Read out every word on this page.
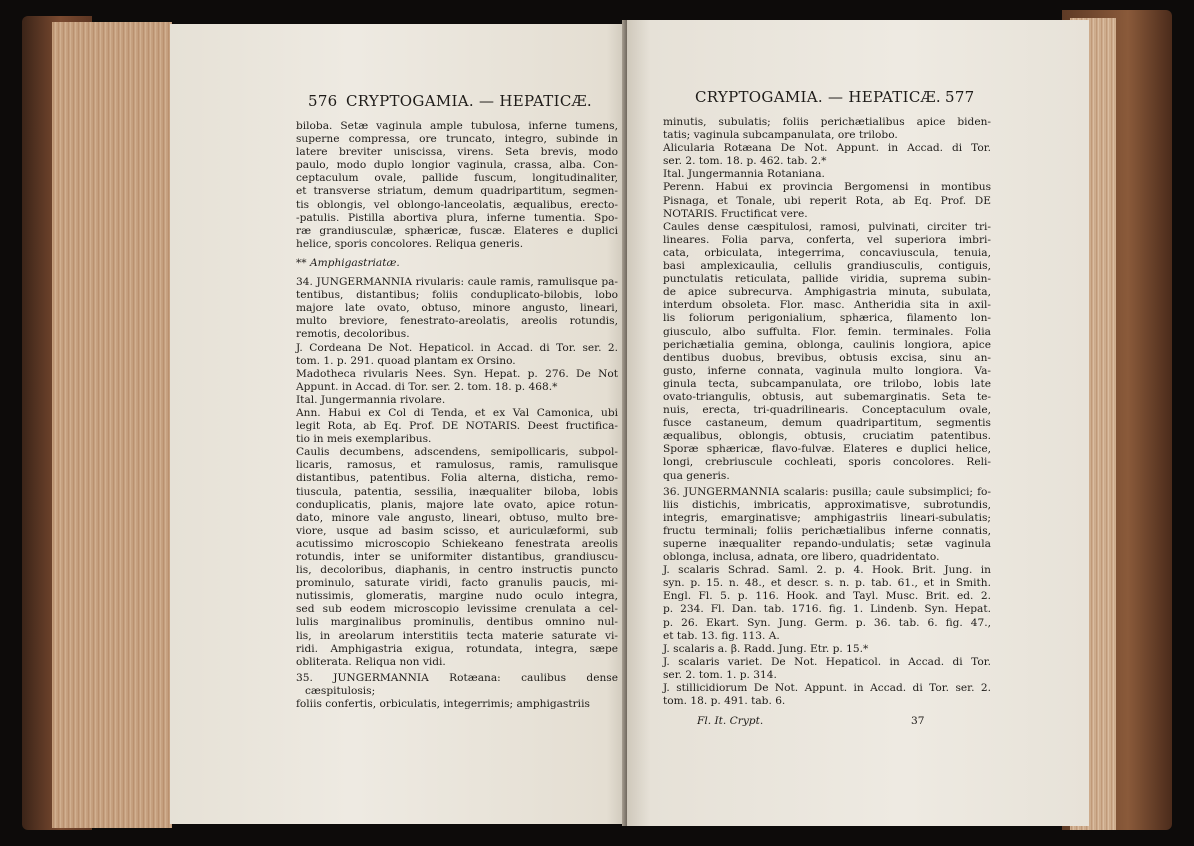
576 CRYPTOGAMIA. — HEPATICÆ.

biloba. Setæ vaginula ample tubulosa, inferne tumens,

superne compressa, ore truncato, integro, subinde in

latere breviter uniscissa, virens. Seta brevis, modo

paulo, modo duplo longior vaginula, crassa, alba. Con-

ceptaculum ovale, pallide fuscum, longitudinaliter,

et transverse striatum, demum quadripartitum, segmen-

tis oblongis, vel oblongo-lanceolatis, æqualibus, erecto-

-patulis. Pistilla abortiva plura, inferne tumentia. Spo-

ræ grandiusculæ, sphæricæ, fuscæ. Elateres e duplici

helice, sporis concolores. Reliqua generis.

** Amphigastriatæ.

34. JUNGERMANNIA rivularis: caule ramis, ramulisque pa-

tentibus, distantibus; foliis conduplicato-bilobis, lobo

majore late ovato, obtuso, minore angusto, lineari,

multo breviore, fenestrato-areolatis, areolis rotundis,

remotis, decoloribus.

J. Cordeana De Not. Hepaticol. in Accad. di Tor. ser. 2.

tom. 1. p. 291. quoad plantam ex Orsino.

Madotheca rivularis Nees. Syn. Hepat. p. 276. De Not

Appunt. in Accad. di Tor. ser. 2. tom. 18. p. 468.*

Ital. Jungermannia rivolare.

Ann. Habui ex Col di Tenda, et ex Val Camonica, ubi

legit Rota, ab Eq. Prof. DE NOTARIS. Deest fructifica-

tio in meis exemplaribus.

Caulis decumbens, adscendens, semipollicaris, subpol-

licaris, ramosus, et ramulosus, ramis, ramulisque

distantibus, patentibus. Folia alterna, disticha, remo-

tiuscula, patentia, sessilia, inæqualiter biloba, lobis

conduplicatis, planis, majore late ovato, apice rotun-

dato, minore vale angusto, lineari, obtuso, multo bre-

viore, usque ad basim scisso, et auriculæformi, sub

acutissimo microscopio Schiekeano fenestrata areolis

rotundis, inter se uniformiter distantibus, grandiuscu-

lis, decoloribus, diaphanis, in centro instructis puncto

prominulo, saturate viridi, facto granulis paucis, mi-

nutissimis, glomeratis, margine nudo oculo integra,

sed sub eodem microscopio levissime crenulata a cel-

lulis marginalibus prominulis, dentibus omnino nul-

lis, in areolarum interstitiis tecta materie saturate vi-

ridi. Amphigastria exigua, rotundata, integra, sæpe

obliterata. Reliqua non vidi.

35. JUNGERMANNIA Rotæana: caulibus dense cæspitulosis;

foliis confertis, orbiculatis, integerrimis; amphigastriis

CRYPTOGAMIA. — HEPATICÆ. 577

minutis, subulatis; foliis perichætialibus apice biden-

tatis; vaginula subcampanulata, ore trilobo.

Alicularia Rotæana De Not. Appunt. in Accad. di Tor.

ser. 2. tom. 18. p. 462. tab. 2.*

Ital. Jungermannia Rotaniana.

Perenn. Habui ex provincia Bergomensi in montibus

Pisnaga, et Tonale, ubi reperit Rota, ab Eq. Prof. DE

NOTARIS. Fructificat vere.

Caules dense cæspitulosi, ramosi, pulvinati, circiter tri-

lineares. Folia parva, conferta, vel superiora imbri-

cata, orbiculata, integerrima, concaviuscula, tenuia,

basi amplexicaulia, cellulis grandiusculis, contiguis,

punctulatis reticulata, pallide viridia, suprema subin-

de apice subrecurva. Amphigastria minuta, subulata,

interdum obsoleta. Flor. masc. Antheridia sita in axil-

lis foliorum perigonialium, sphærica, filamento lon-

giusculo, albo suffulta. Flor. femin. terminales. Folia

perichætialia gemina, oblonga, caulinis longiora, apice

dentibus duobus, brevibus, obtusis excisa, sinu an-

gusto, inferne connata, vaginula multo longiora. Va-

ginula tecta, subcampanulata, ore trilobo, lobis late

ovato-triangulis, obtusis, aut subemarginatis. Seta te-

nuis, erecta, tri-quadrilinearis. Conceptaculum ovale,

fusce castaneum, demum quadripartitum, segmentis

æqualibus, oblongis, obtusis, cruciatim patentibus.

Sporæ sphæricæ, flavo-fulvæ. Elateres e duplici helice,

longi, crebriuscule cochleati, sporis concolores. Reli-

qua generis.

36. JUNGERMANNIA scalaris: pusilla; caule subsimplici; fo-

liis distichis, imbricatis, approximatisve, subrotundis,

integris, emarginatisve; amphigastriis lineari-subulatis;

fructu terminali; foliis perichætialibus inferne connatis,

superne inæqualiter repando-undulatis; setæ vaginula

oblonga, inclusa, adnata, ore libero, quadridentato.

J. scalaris Schrad. Saml. 2. p. 4. Hook. Brit. Jung. in

syn. p. 15. n. 48., et descr. s. n. p. tab. 61., et in Smith.

Engl. Fl. 5. p. 116. Hook. and Tayl. Musc. Brit. ed. 2.

p. 234. Fl. Dan. tab. 1716. fig. 1. Lindenb. Syn. Hepat.

p. 26. Ekart. Syn. Jung. Germ. p. 36. tab. 6. fig. 47.,

et tab. 13. fig. 113. A.

J. scalaris a. β. Radd. Jung. Etr. p. 15.*

J. scalaris variet. De Not. Hepaticol. in Accad. di Tor.

ser. 2. tom. 1. p. 314.

J. stillicidiorum De Not. Appunt. in Accad. di Tor. ser. 2.

tom. 18. p. 491. tab. 6.

Fl. It. Crypt.	37
